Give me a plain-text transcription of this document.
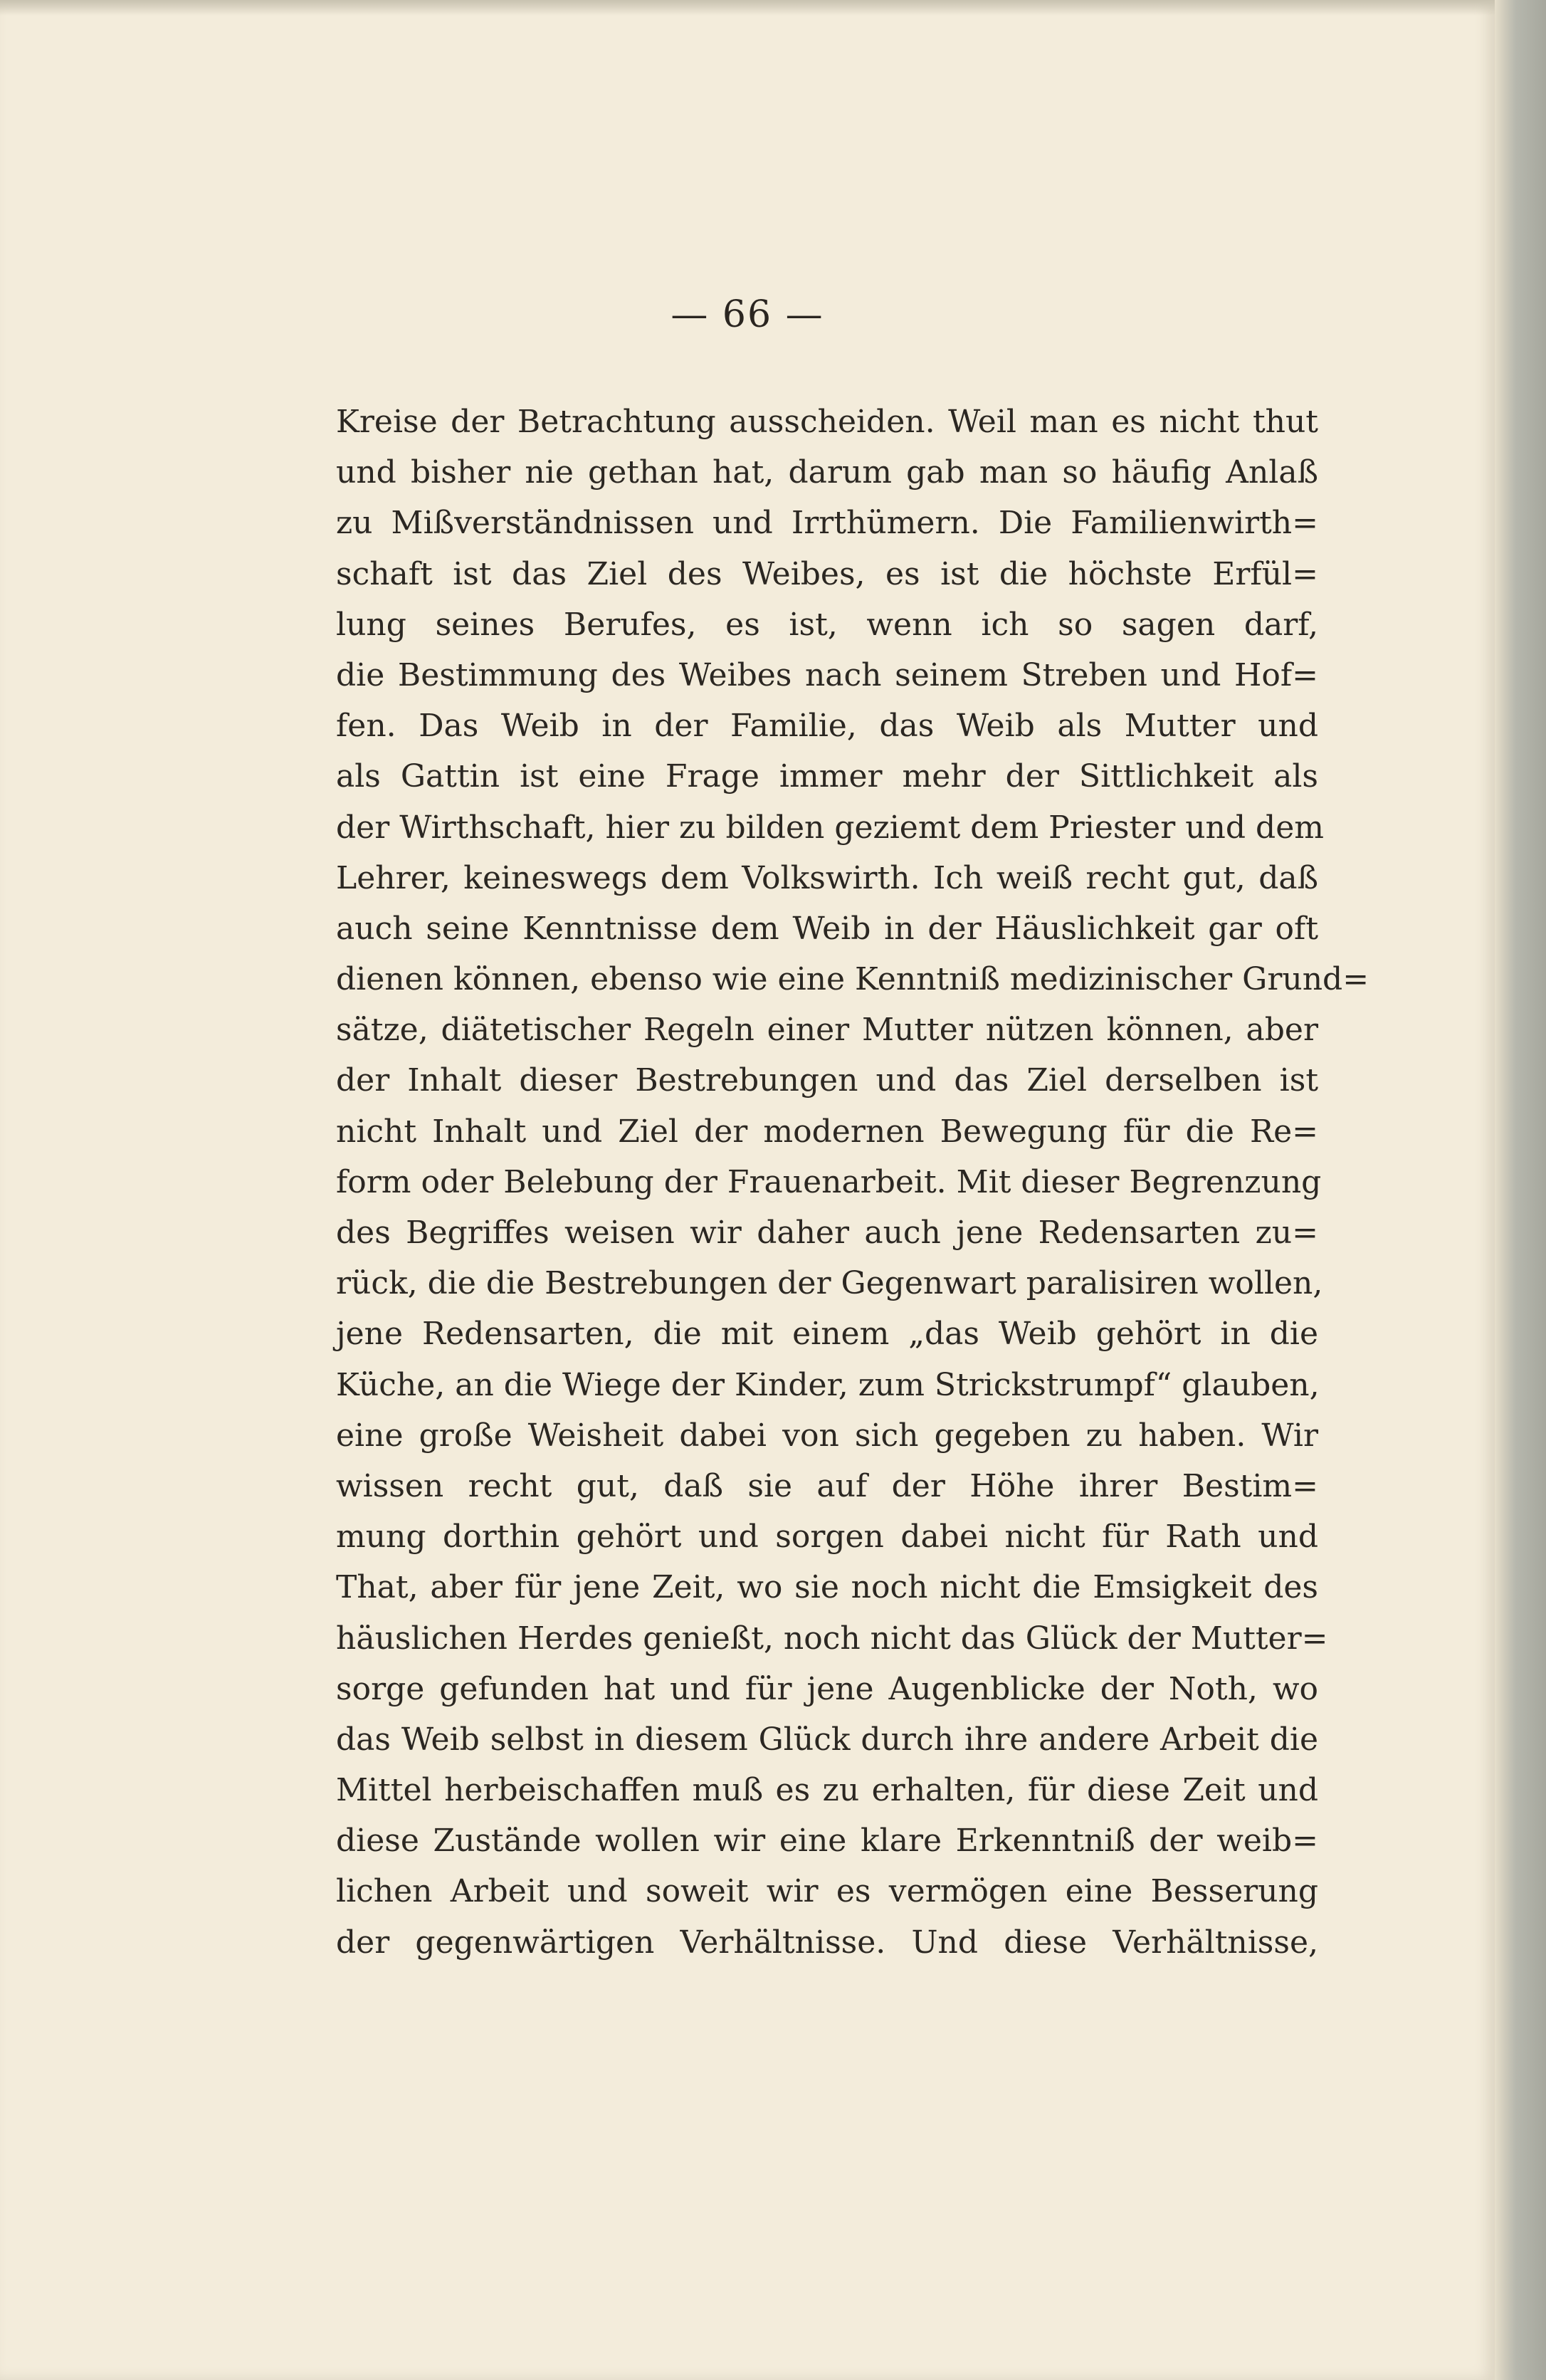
— 66 —
Kreise der Betrachtung ausscheiden. Weil man es nicht thut
und bisher nie gethan hat, darum gab man so häufig Anlaß
zu Mißverständnissen und Irrthümern. Die Familienwirth=
schaft ist das Ziel des Weibes, es ist die höchste Erfül=
lung seines Berufes, es ist, wenn ich so sagen darf,
die Bestimmung des Weibes nach seinem Streben und Hof=
fen. Das Weib in der Familie, das Weib als Mutter und
als Gattin ist eine Frage immer mehr der Sittlichkeit als
der Wirthschaft, hier zu bilden geziemt dem Priester und dem
Lehrer, keineswegs dem Volkswirth. Ich weiß recht gut, daß
auch seine Kenntnisse dem Weib in der Häuslichkeit gar oft
dienen können, ebenso wie eine Kenntniß medizinischer Grund=
sätze, diätetischer Regeln einer Mutter nützen können, aber
der Inhalt dieser Bestrebungen und das Ziel derselben ist
nicht Inhalt und Ziel der modernen Bewegung für die Re=
form oder Belebung der Frauenarbeit. Mit dieser Begrenzung
des Begriffes weisen wir daher auch jene Redensarten zu=
rück, die die Bestrebungen der Gegenwart paralisiren wollen,
jene Redensarten, die mit einem „das Weib gehört in die
Küche, an die Wiege der Kinder, zum Strickstrumpf“ glauben,
eine große Weisheit dabei von sich gegeben zu haben. Wir
wissen recht gut, daß sie auf der Höhe ihrer Bestim=
mung dorthin gehört und sorgen dabei nicht für Rath und
That, aber für jene Zeit, wo sie noch nicht die Emsigkeit des
häuslichen Herdes genießt, noch nicht das Glück der Mutter=
sorge gefunden hat und für jene Augenblicke der Noth, wo
das Weib selbst in diesem Glück durch ihre andere Arbeit die
Mittel herbeischaffen muß es zu erhalten, für diese Zeit und
diese Zustände wollen wir eine klare Erkenntniß der weib=
lichen Arbeit und soweit wir es vermögen eine Besserung
der gegenwärtigen Verhältnisse. Und diese Verhältnisse,
